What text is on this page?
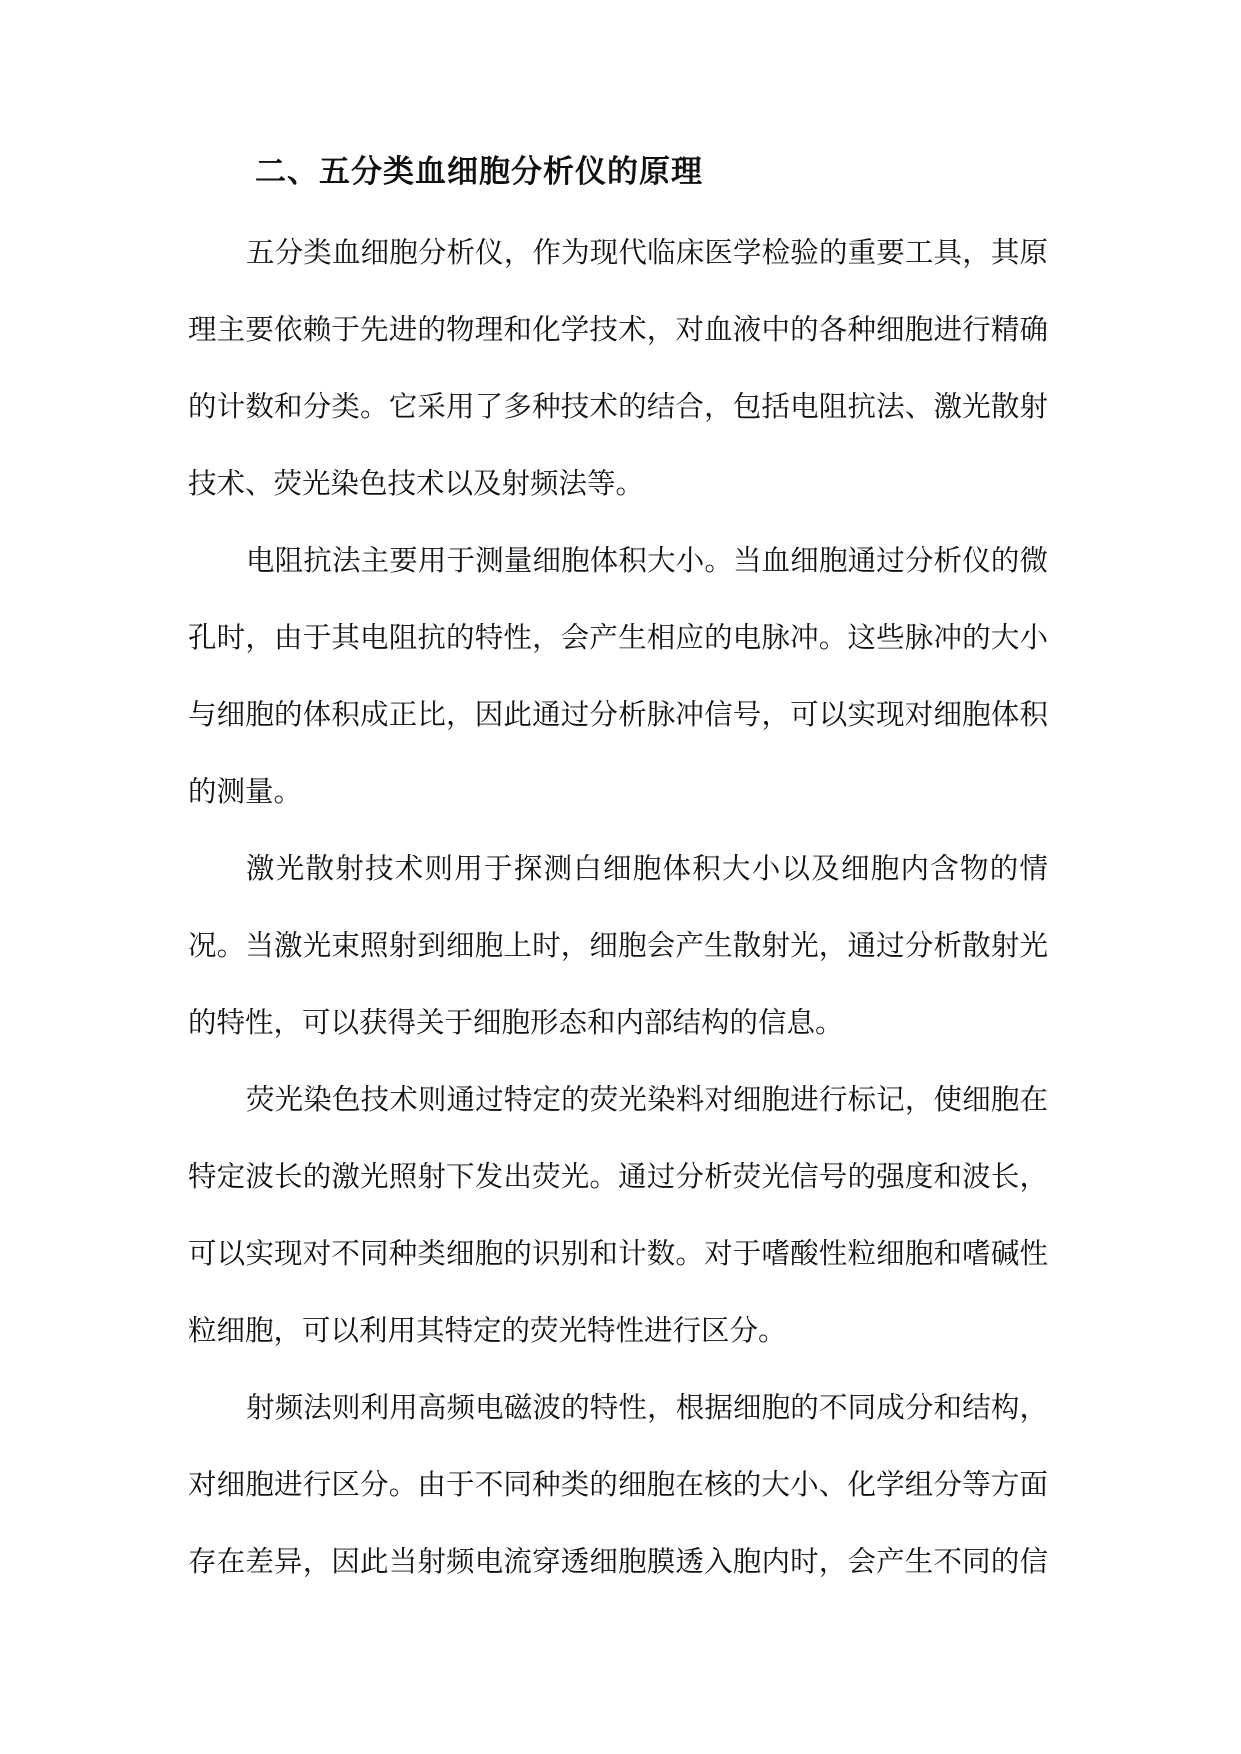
二、五分类血细胞分析仪的原理
五分类血细胞分析仪，作为现代临床医学检验的重要工具，其原
理主要依赖于先进的物理和化学技术，对血液中的各种细胞进行精确
的计数和分类。它采用了多种技术的结合，包括电阻抗法、激光散射
技术、荧光染色技术以及射频法等。
电阻抗法主要用于测量细胞体积大小。当血细胞通过分析仪的微
孔时，由于其电阻抗的特性，会产生相应的电脉冲。这些脉冲的大小
与细胞的体积成正比，因此通过分析脉冲信号，可以实现对细胞体积
的测量。
激光散射技术则用于探测白细胞体积大小以及细胞内含物的情
况。当激光束照射到细胞上时，细胞会产生散射光，通过分析散射光
的特性，可以获得关于细胞形态和内部结构的信息。
荧光染色技术则通过特定的荧光染料对细胞进行标记，使细胞在
特定波长的激光照射下发出荧光。通过分析荧光信号的强度和波长，
可以实现对不同种类细胞的识别和计数。对于嗜酸性粒细胞和嗜碱性
粒细胞，可以利用其特定的荧光特性进行区分。
射频法则利用高频电磁波的特性，根据细胞的不同成分和结构，
对细胞进行区分。由于不同种类的细胞在核的大小、化学组分等方面
存在差异，因此当射频电流穿透细胞膜透入胞内时，会产生不同的信
